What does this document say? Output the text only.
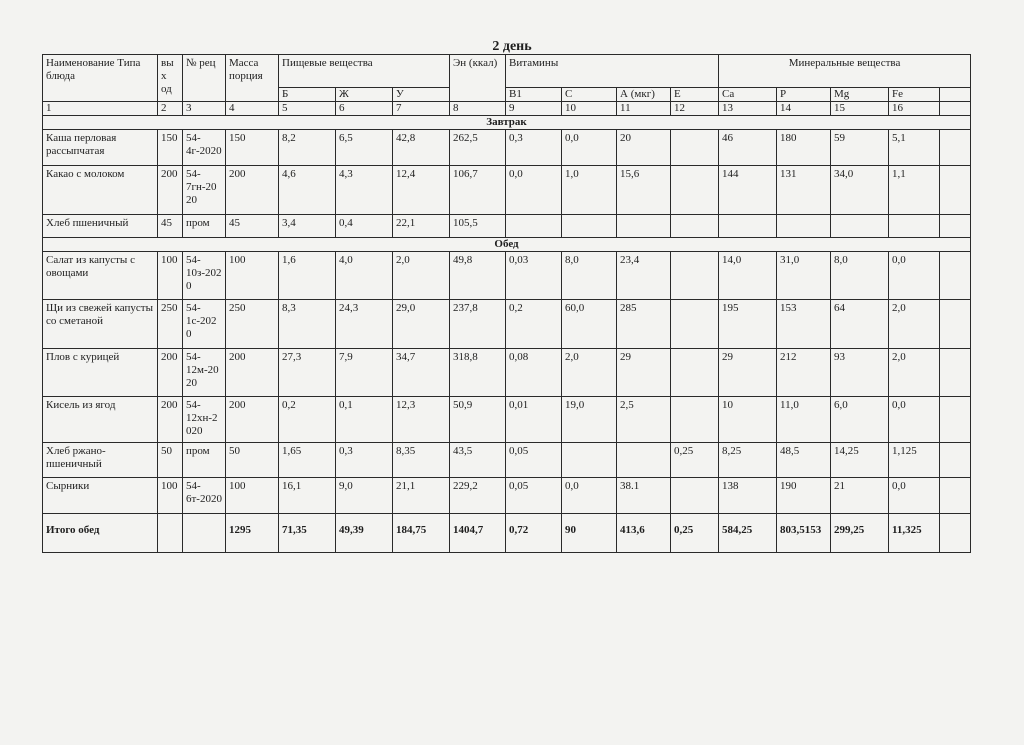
2 день
Наименование Типа блюда	вых од	№ рец	Масса порция	Пищевые вещества			Эн (ккал)	Витамины				Минеральные вещества				
				Б	Ж	У		В1	С	А (мкг)	Е	Са	Р	Mg	Fe	
1	2	3	4	5	6	7	8	9	10	11	12	13	14	15	16	
Завтрак																
Каша перловая рассыпчатая	150	54-4г-2020	150	8,2	6,5	42,8	262,5	0,3	0,0	20		46	180	59	5,1	
Какао с молоком	200	54-7гн-2020	200	4,6	4,3	12,4	106,7	0,0	1,0	15,6		144	131	34,0	1,1	
Хлеб пшеничный	45	пром	45	3,4	0,4	22,1	105,5									
Обед																
Салат из капусты с овощами	100	54-10з-2020	100	1,6	4,0	2,0	49,8	0,03	8,0	23,4		14,0	31,0	8,0	0,0	
Щи из свежей капусты со сметаной	250	54-1с-2020	250	8,3	24,3	29,0	237,8	0,2	60,0	285		195	153	64	2,0	
Плов с курицей	200	54-12м-2020	200	27,3	7,9	34,7	318,8	0,08	2,0	29		29	212	93	2,0	
Кисель из ягод	200	54-12хн-2020	200	0,2	0,1	12,3	50,9	0,01	19,0	2,5		10	11,0	6,0	0,0	
Хлеб ржано-пшеничный	50	пром	50	1,65	0,3	8,35	43,5	0,05			0,25	8,25	48,5	14,25	1,125	
Сырники	100	54-6т-2020	100	16,1	9,0	21,1	229,2	0,05	0,0	38.1		138	190	21	0,0	
Итого обед			1295	71,35	49,39	184,75	1404,7	0,72	90	413,6	0,25	584,25	803,5153	299,25	11,325	
